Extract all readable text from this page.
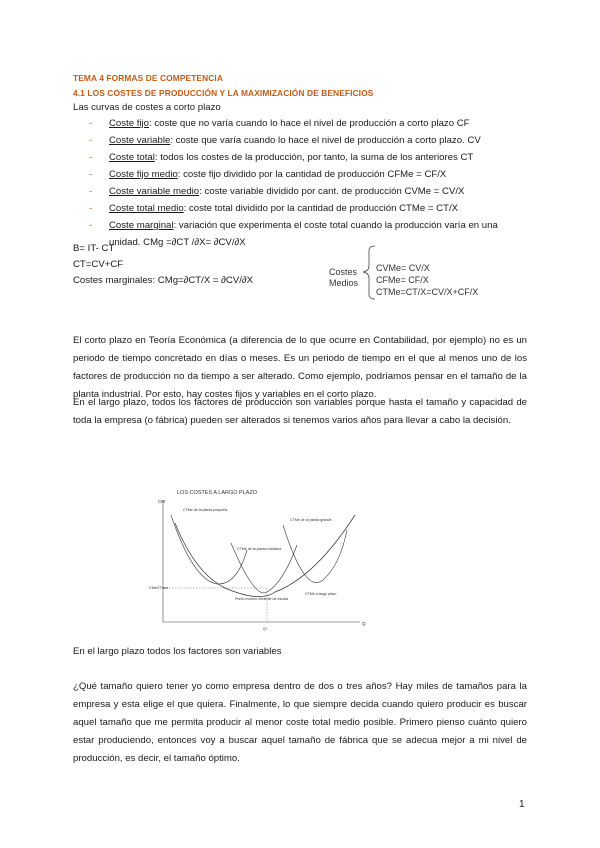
TEMA 4 FORMAS DE COMPETENCIA
4.1 LOS COSTES DE PRODUCCIÓN Y LA MAXIMIZACIÓN DE BENEFICIOS
Las curvas de costes a corto plazo
- Coste fijo: coste que no varía cuando lo hace el nivel de producción a corto plazo CF
- Coste variable: coste que varía cuando lo hace el nivel de producción a corto plazo. CV
- Coste total: todos los costes de la producción, por tanto, la suma de los anteriores CT
- Coste fijo medio: coste fijo dividido por la cantidad de producción CFMe = CF/X
- Coste variable medio: coste variable dividido por cant. de producción CVMe = CV/X
- Coste total medio: coste total dividido por la cantidad de producción CTMe = CT/X
- Coste marginal: variación que experimenta el coste total cuando la producción varía en una
unidad. CMg =∂CT /∂X= ∂CV/∂X
B= IT- CT
CT=CV+CF
Costes marginales: CMg=∂CT/X = ∂CV/∂X
Costes
Medios
CVMe= CV/X
CFMe= CF/X
CTMe=CT/X=CV/X+CF/X
El corto plazo en Teoría Económica (a diferencia de lo que ocurre en Contabilidad, por ejemplo) no es un periodo de tiempo concretado en días o meses. Es un periodo de tiempo en el que al menos uno de los factores de producción no da tiempo a ser alterado. Como ejemplo, podríamos pensar en el tamaño de la planta industrial. Por esto, hay costes fijos y variables en el corto plazo.
En el largo plazo, todos los factores de producción son variables porque hasta el tamaño y capacidad de toda la empresa (o fábrica) pueden ser alterados si tenemos varios años para llevar a cabo la decisión.
LOS COSTES A LARGO PLAZO
CM
Q
CMeCTmin
Q*
CTMe de la planta pequeña
CTMe de la planta grande
CTMe de la planta mediana
CTMe a largo plazo
Punto mínimo eficiente de escala
En el largo plazo todos los factores son variables
¿Qué tamaño quiero tener yo como empresa dentro de dos o tres años? Hay miles de tamaños para la empresa y esta elige el que quiera. Finalmente, lo que siempre decida cuando quiero producir es buscar aquel tamaño que me permita producir al menor coste total medio posible. Primero pienso cuánto quiero estar produciendo, entonces voy a buscar aquel tamaño de fábrica que se adecua mejor a mi nivel de producción, es decir, el tamaño óptimo.
1
